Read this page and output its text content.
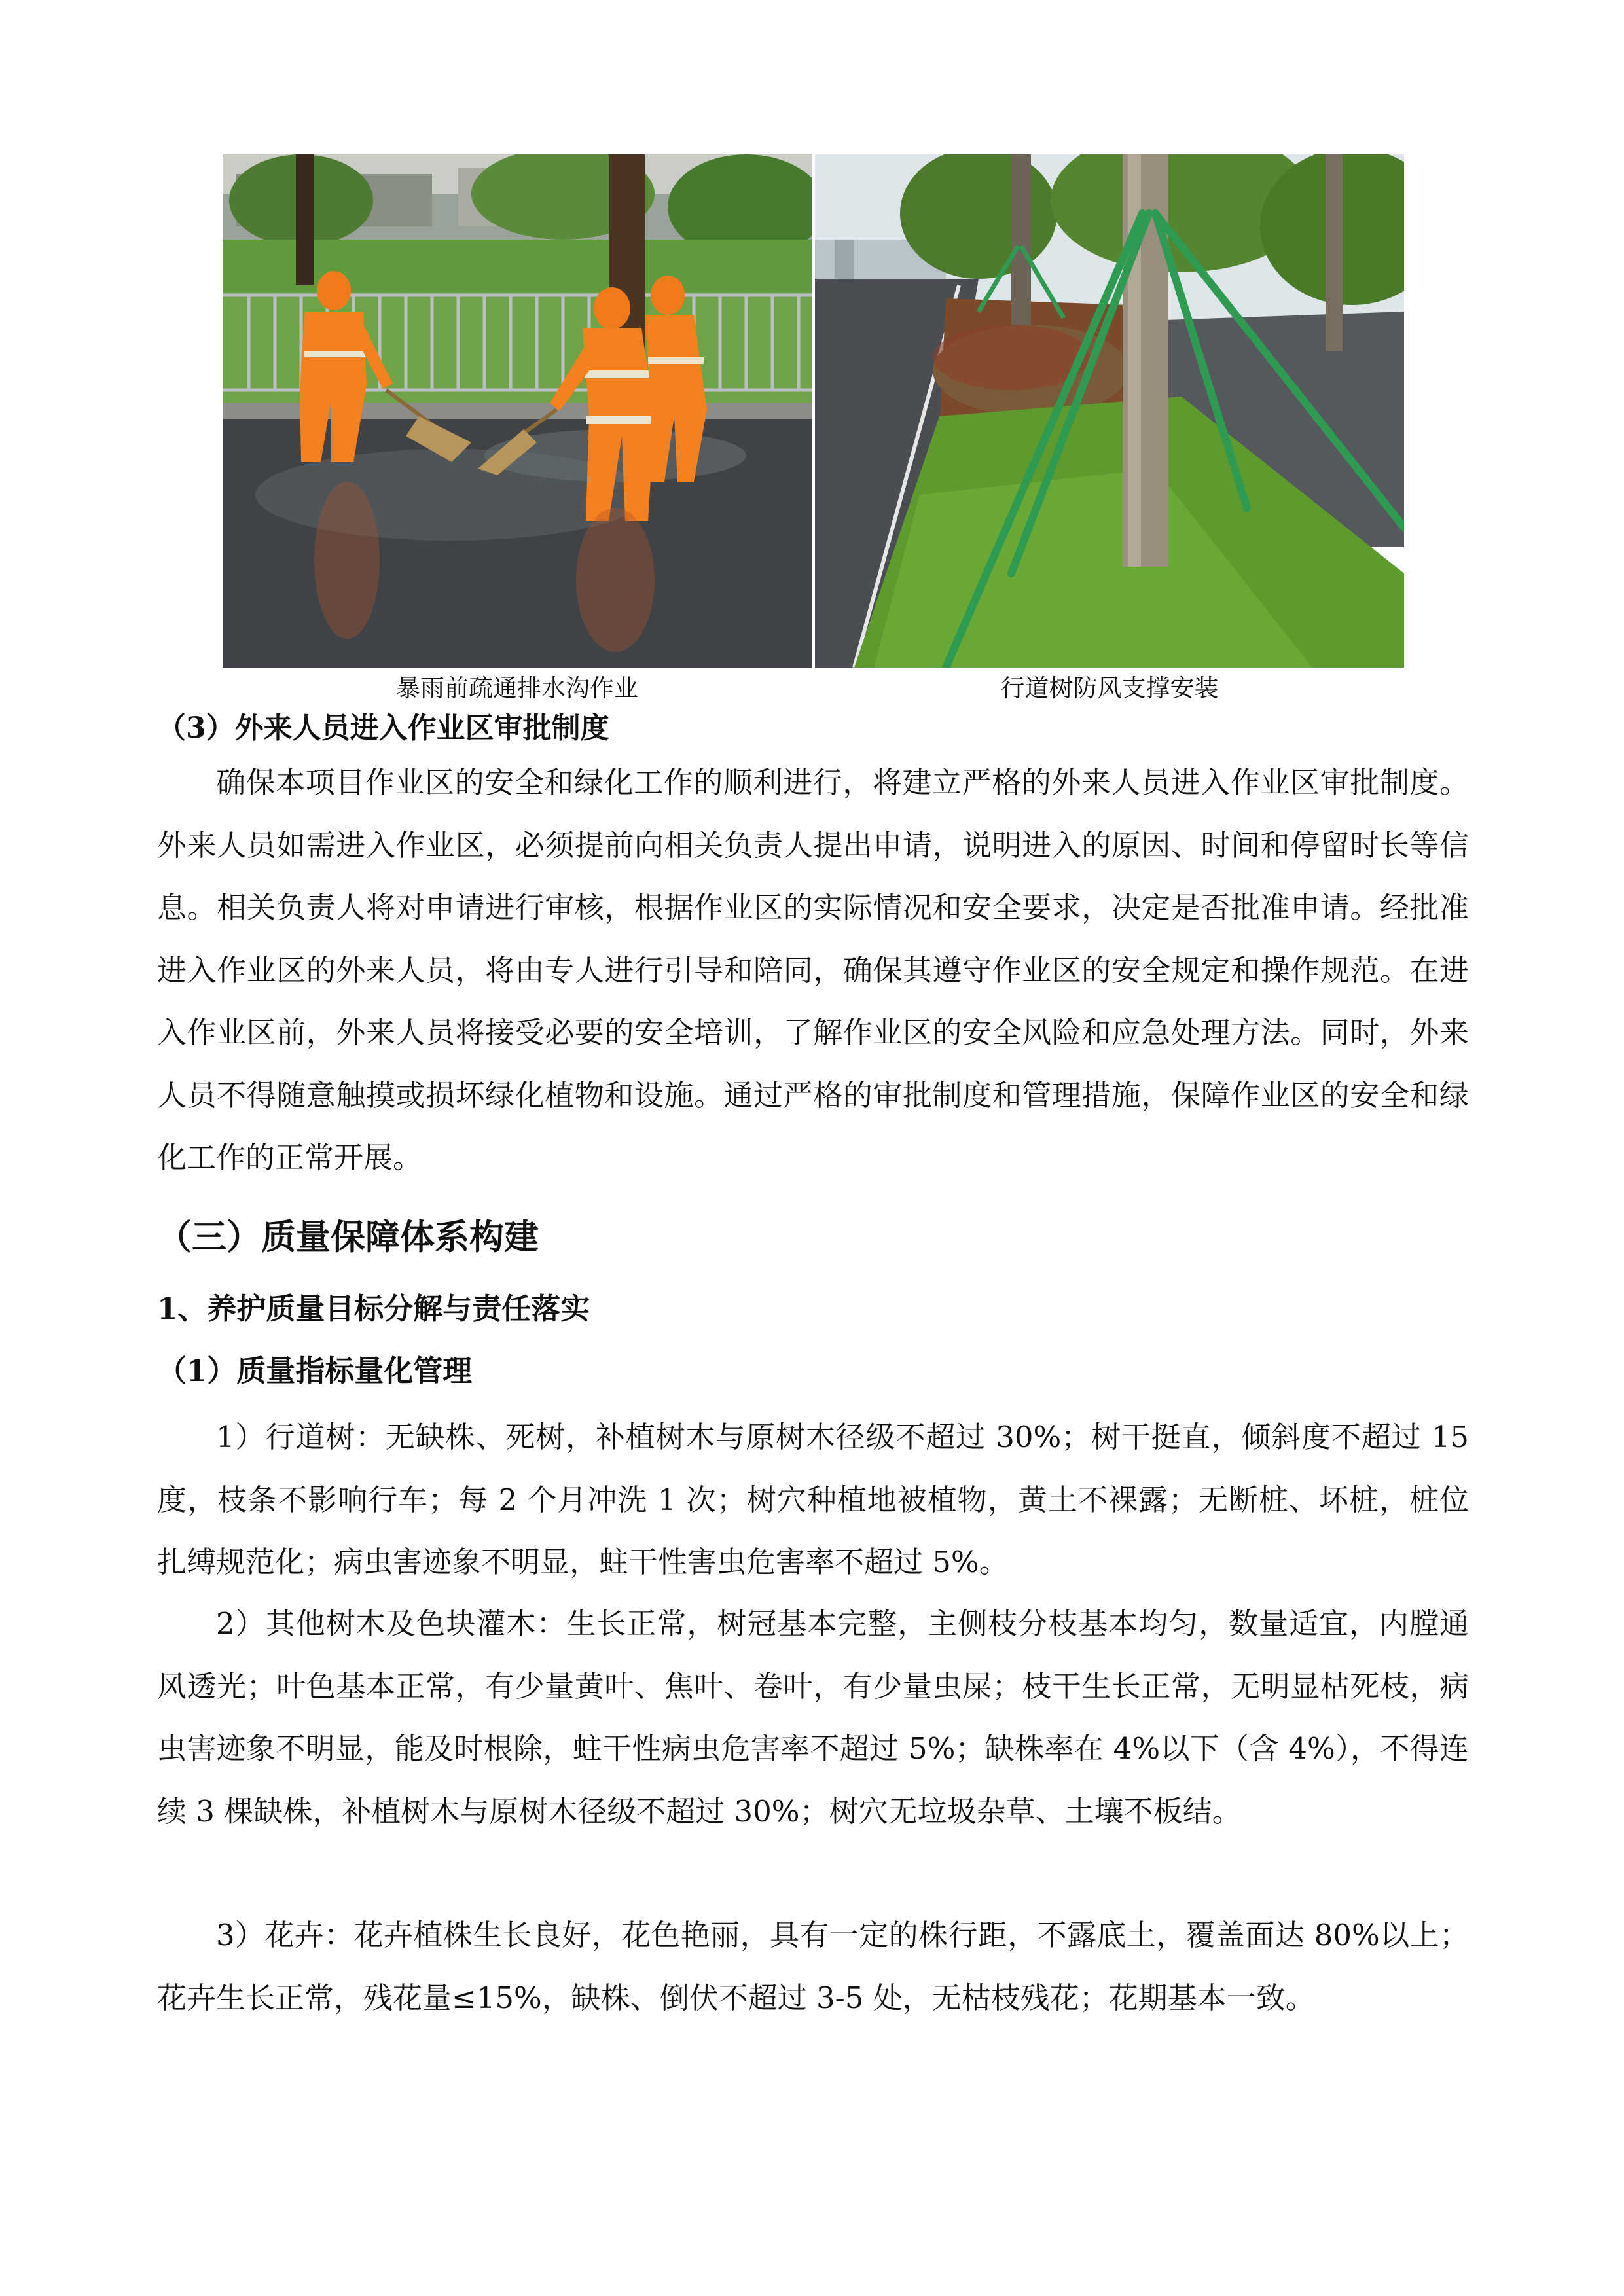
暴雨前疏通排水沟作业	行道树防风支撑安装
（3）外来人员进入作业区审批制度

确保本项目作业区的安全和绿化工作的顺利进行，将建立严格的外来人员进入作业区审批制度。外来人员如需进入作业区，必须提前向相关负责人提出申请，说明进入的原因、时间和停留时长等信息。相关负责人将对申请进行审核，根据作业区的实际情况和安全要求，决定是否批准申请。经批准进入作业区的外来人员，将由专人进行引导和陪同，确保其遵守作业区的安全规定和操作规范。在进入作业区前，外来人员将接受必要的安全培训，了解作业区的安全风险和应急处理方法。同时，外来人员不得随意触摸或损坏绿化植物和设施。通过严格的审批制度和管理措施，保障作业区的安全和绿化工作的正常开展。

（三）质量保障体系构建
1、养护质量目标分解与责任落实
（1）质量指标量化管理

1）行道树：无缺株、死树，补植树木与原树木径级不超过 30%；树干挺直，倾斜度不超过 15 度，枝条不影响行车；每 2 个月冲洗 1 次；树穴种植地被植物，黄土不裸露；无断桩、坏桩，桩位扎缚规范化；病虫害迹象不明显，蛀干性害虫危害率不超过 5%。

2）其他树木及色块灌木：生长正常，树冠基本完整，主侧枝分枝基本均匀，数量适宜，内膛通风透光；叶色基本正常，有少量黄叶、焦叶、卷叶，有少量虫屎；枝干生长正常，无明显枯死枝，病虫害迹象不明显，能及时根除，蛀干性病虫危害率不超过 5%；缺株率在 4%以下（含 4%），不得连续 3 棵缺株，补植树木与原树木径级不超过 30%；树穴无垃圾杂草、土壤不板结。

3）花卉：花卉植株生长良好，花色艳丽，具有一定的株行距，不露底土，覆盖面达 80%以上；花卉生长正常，残花量≤15%，缺株、倒伏不超过 3-5 处，无枯枝残花；花期基本一致。
